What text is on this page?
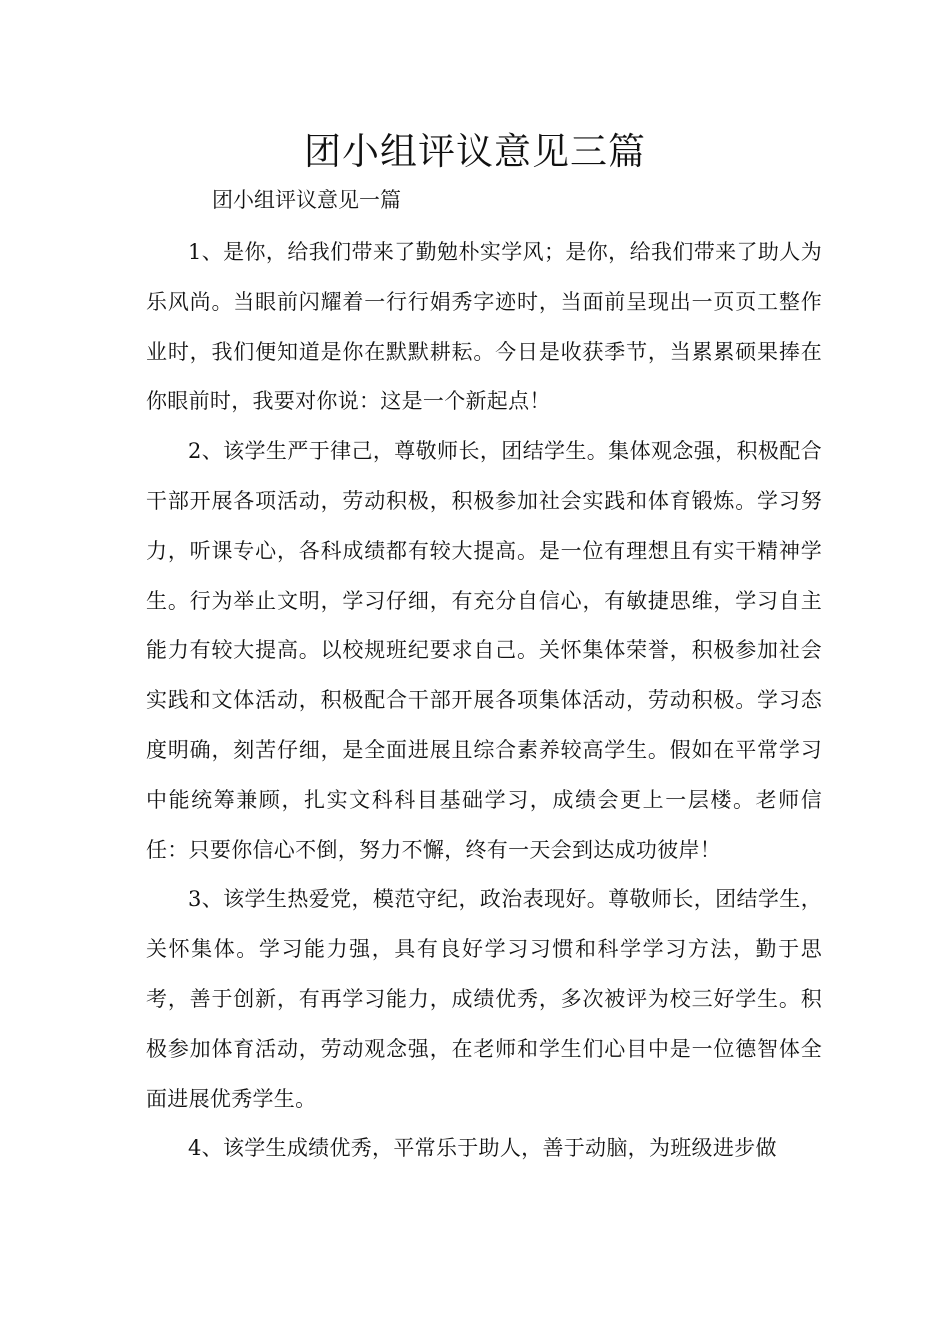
团小组评议意见三篇

团小组评议意见一篇

1、是你，给我们带来了勤勉朴实学风；是你，给我们带来了助人为乐风尚。当眼前闪耀着一行行娟秀字迹时，当面前呈现出一页页工整作业时，我们便知道是你在默默耕耘。今日是收获季节，当累累硕果捧在你眼前时，我要对你说：这是一个新起点！

2、该学生严于律己，尊敬师长，团结学生。集体观念强，积极配合干部开展各项活动，劳动积极，积极参加社会实践和体育锻炼。学习努力，听课专心，各科成绩都有较大提高。是一位有理想且有实干精神学生。行为举止文明，学习仔细，有充分自信心，有敏捷思维，学习自主能力有较大提高。以校规班纪要求自己。关怀集体荣誉，积极参加社会实践和文体活动，积极配合干部开展各项集体活动，劳动积极。学习态度明确，刻苦仔细，是全面进展且综合素养较高学生。假如在平常学习中能统筹兼顾，扎实文科科目基础学习，成绩会更上一层楼。老师信任：只要你信心不倒，努力不懈，终有一天会到达成功彼岸！

3、该学生热爱党，模范守纪，政治表现好。尊敬师长，团结学生，关怀集体。学习能力强，具有良好学习习惯和科学学习方法，勤于思考，善于创新，有再学习能力，成绩优秀，多次被评为校三好学生。积极参加体育活动，劳动观念强，在老师和学生们心目中是一位德智体全面进展优秀学生。

4、该学生成绩优秀，平常乐于助人，善于动脑，为班级进步做
